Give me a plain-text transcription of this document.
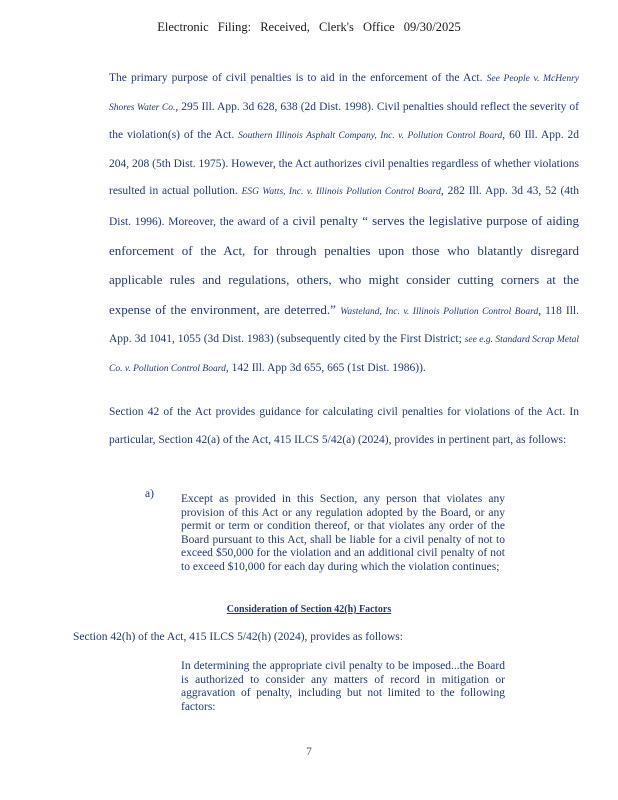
Electronic Filing: Received, Clerk's Office 09/30/2025

The primary purpose of civil penalties is to aid in the enforcement of the Act. See People v. McHenry Shores Water Co., 295 Ill. App. 3d 628, 638 (2d Dist. 1998). Civil penalties should reflect the severity of the violation(s) of the Act. Southern Illinois Asphalt Company, Inc. v. Pollution Control Board, 60 Ill. App. 2d 204, 208 (5th Dist. 1975). However, the Act authorizes civil penalties regardless of whether violations resulted in actual pollution. ESG Watts, Inc. v. Illinois Pollution Control Board, 282 Ill. App. 3d 43, 52 (4th Dist. 1996). Moreover, the award of a civil penalty “ serves the legislative purpose of aiding enforcement of the Act, for through penalties upon those who blatantly disregard applicable rules and regulations, others, who might consider cutting corners at the expense of the environment, are deterred.” Wasteland, Inc. v. Illinois Pollution Control Board, 118 Ill. App. 3d 1041, 1055 (3d Dist. 1983) (subsequently cited by the First District; see e.g. Standard Scrap Metal Co. v. Pollution Control Board, 142 Ill. App 3d 655, 665 (1st Dist. 1986)).

Section 42 of the Act provides guidance for calculating civil penalties for violations of the Act. In particular, Section 42(a) of the Act, 415 ILCS 5/42(a) (2024), provides in pertinent part, as follows:

a) Except as provided in this Section, any person that violates any provision of this Act or any regulation adopted by the Board, or any permit or term or condition thereof, or that violates any order of the Board pursuant to this Act, shall be liable for a civil penalty of not to exceed $50,000 for the violation and an additional civil penalty of not to exceed $10,000 for each day during which the violation continues;

Consideration of Section 42(h) Factors

Section 42(h) of the Act, 415 ILCS 5/42(h) (2024), provides as follows:

In determining the appropriate civil penalty to be imposed...the Board is authorized to consider any matters of record in mitigation or aggravation of penalty, including but not limited to the following factors:

7
